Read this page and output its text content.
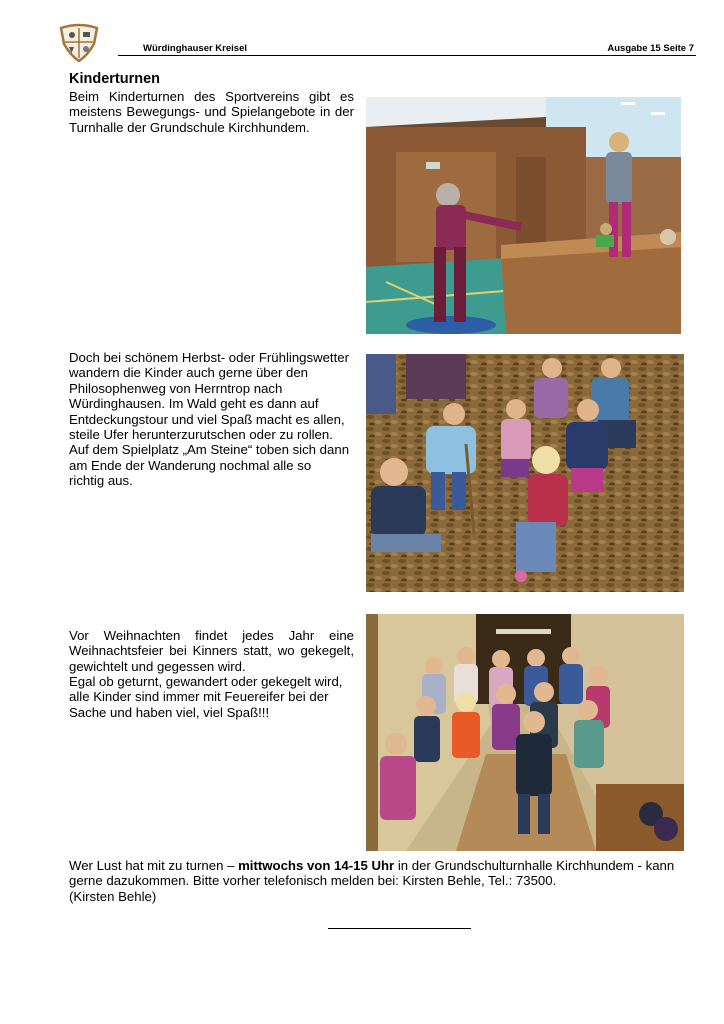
Würdinghauser Kreisel	Ausgabe 15 Seite 7
Kinderturnen
Beim Kinderturnen des Sportvereins gibt es meistens Bewegungs- und Spielangebote in der Turnhalle der Grundschule Kirchhundem.
Doch bei schönem Herbst- oder Frühlingswetter
wandern die Kinder auch gerne über den
Philosophenweg von Herrntrop nach
Würdinghausen. Im Wald geht es dann auf
Entdeckungstour und viel Spaß macht es allen,
steile Ufer herunterzurutschen oder zu rollen.
Auf dem Spielplatz „Am Steine“ toben sich dann
am Ende der Wanderung nochmal alle so
richtig aus.
Vor Weihnachten findet jedes Jahr eine Weihnachtsfeier bei Kinners statt, wo gekegelt, gewichtelt und gegessen wird.
Egal ob geturnt, gewandert oder gekegelt wird,
alle Kinder sind immer mit Feuereifer bei der
Sache und haben viel, viel Spaß!!!
Wer Lust hat mit zu turnen – mittwochs von 14-15 Uhr in der Grundschulturnhalle Kirchhundem - kann gerne dazukommen. Bitte vorher telefonisch melden bei: Kirsten Behle, Tel.: 73500.
(Kirsten Behle)
